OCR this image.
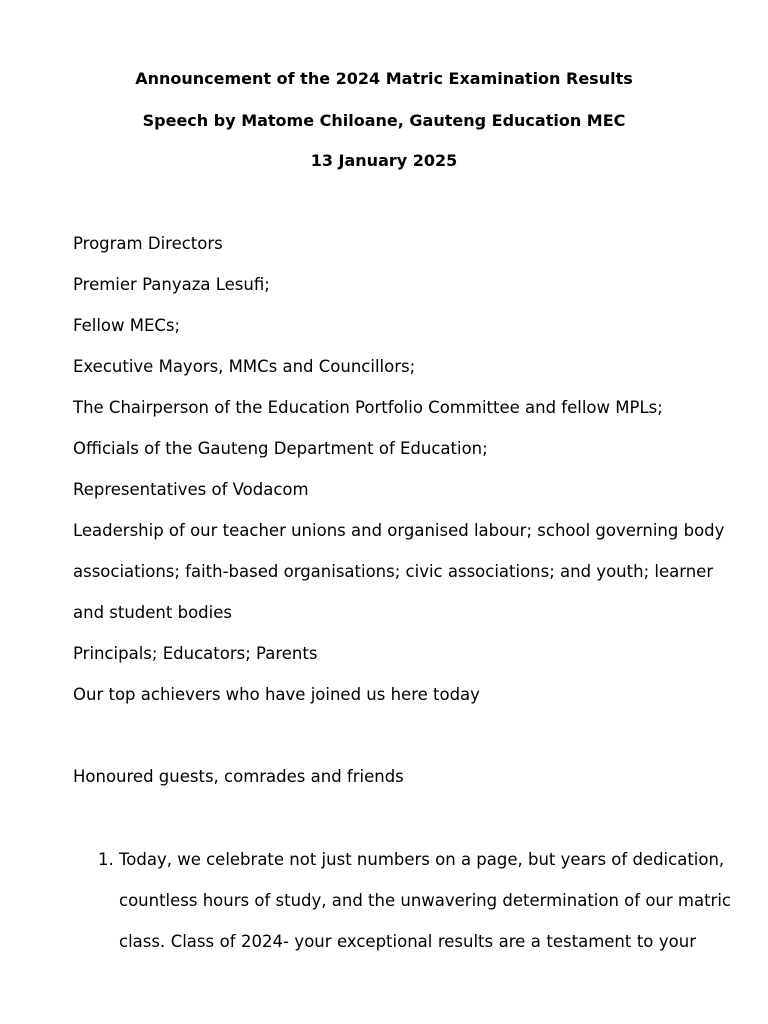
Announcement of the 2024 Matric Examination Results
Speech by Matome Chiloane, Gauteng Education MEC
13 January 2025
Program Directors
Premier Panyaza Lesufi;
Fellow MECs;
Executive Mayors, MMCs and Councillors;
The Chairperson of the Education Portfolio Committee and fellow MPLs;
Officials of the Gauteng Department of Education;
Representatives of Vodacom
Leadership of our teacher unions and organised labour; school governing body
associations; faith-based organisations; civic associations; and youth; learner
and student bodies
Principals; Educators; Parents
Our top achievers who have joined us here today
Honoured guests, comrades and friends
1. Today, we celebrate not just numbers on a page, but years of dedication,
countless hours of study, and the unwavering determination of our matric
class. Class of 2024- your exceptional results are a testament to your
